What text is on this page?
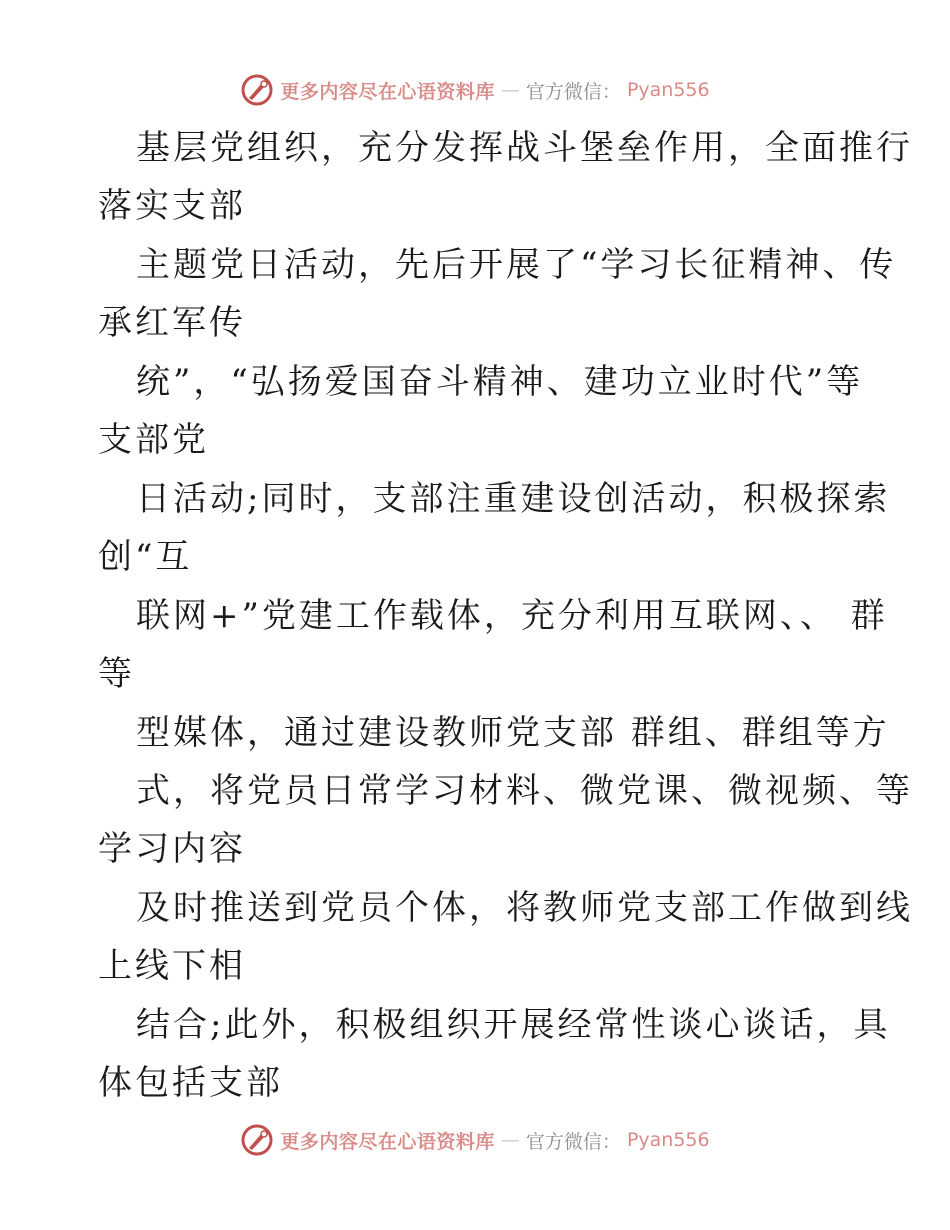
更多内容尽在心语资料库 — 官方微信： Pyan556
基层党组织，充分发挥战斗堡垒作用，全面推行
落实支部
主题党日活动，先后开展了“学习长征精神、传
承红军传
统”，“弘扬爱国奋斗精神、建功立业时代”等
支部党
日活动;同时，支部注重建设创活动，积极探索
创“互
联网+”党建工作载体，充分利用互联网、、 群
等
型媒体，通过建设教师党支部 群组、群组等方
式，将党员日常学习材料、微党课、微视频、等
学习内容
及时推送到党员个体，将教师党支部工作做到线
上线下相
结合;此外，积极组织开展经常性谈心谈话，具
体包括支部
更多内容尽在心语资料库 — 官方微信： Pyan556
